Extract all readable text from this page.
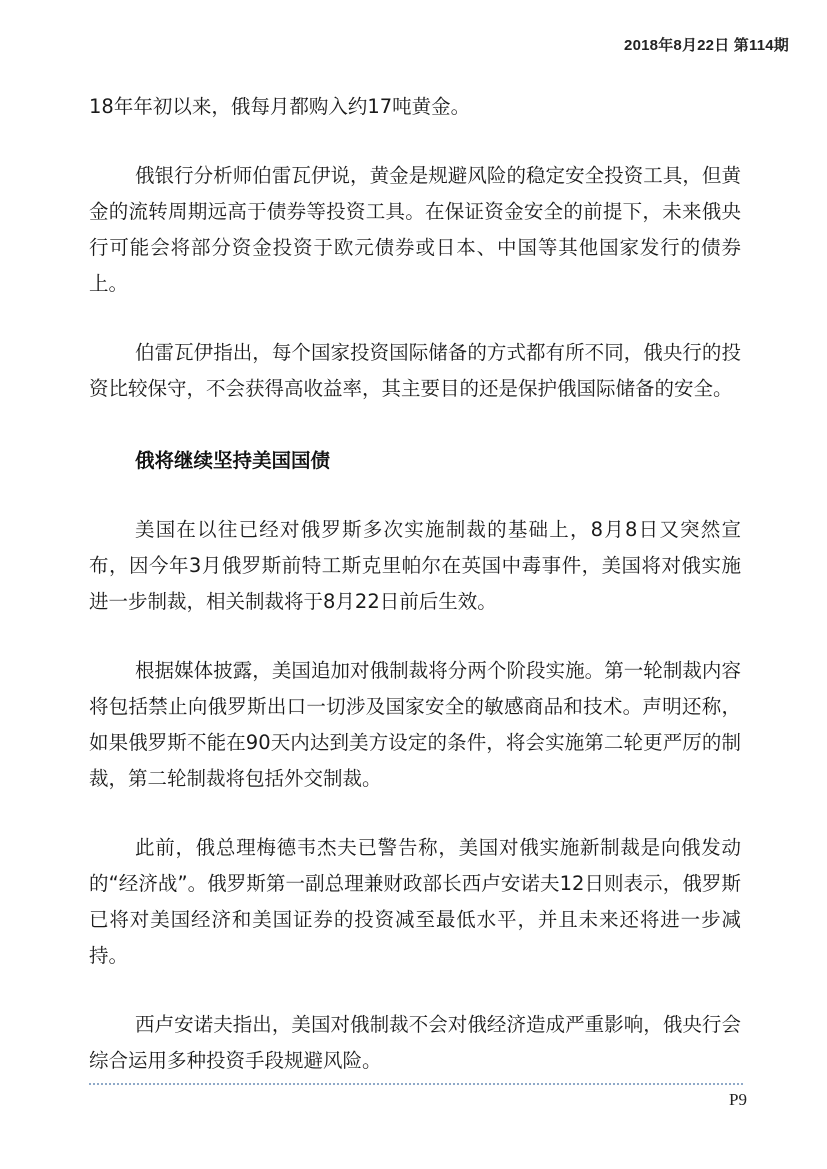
2018年8月22日 第114期

18年年初以来，俄每月都购入约17吨黄金。

俄银行分析师伯雷瓦伊说，黄金是规避风险的稳定安全投资工具，但黄金的流转周期远高于债券等投资工具。在保证资金安全的前提下，未来俄央行可能会将部分资金投资于欧元债券或日本、中国等其他国家发行的债券上。

伯雷瓦伊指出，每个国家投资国际储备的方式都有所不同，俄央行的投资比较保守，不会获得高收益率，其主要目的还是保护俄国际储备的安全。

俄将继续坚持美国国债

美国在以往已经对俄罗斯多次实施制裁的基础上，8月8日又突然宣布，因今年3月俄罗斯前特工斯克里帕尔在英国中毒事件，美国将对俄实施进一步制裁，相关制裁将于8月22日前后生效。

根据媒体披露，美国追加对俄制裁将分两个阶段实施。第一轮制裁内容将包括禁止向俄罗斯出口一切涉及国家安全的敏感商品和技术。声明还称，如果俄罗斯不能在90天内达到美方设定的条件，将会实施第二轮更严厉的制裁，第二轮制裁将包括外交制裁。

此前，俄总理梅德韦杰夫已警告称，美国对俄实施新制裁是向俄发动的“经济战”。俄罗斯第一副总理兼财政部长西卢安诺夫12日则表示，俄罗斯已将对美国经济和美国证券的投资减至最低水平，并且未来还将进一步减持。

西卢安诺夫指出，美国对俄制裁不会对俄经济造成严重影响，俄央行会综合运用多种投资手段规避风险。

P9
